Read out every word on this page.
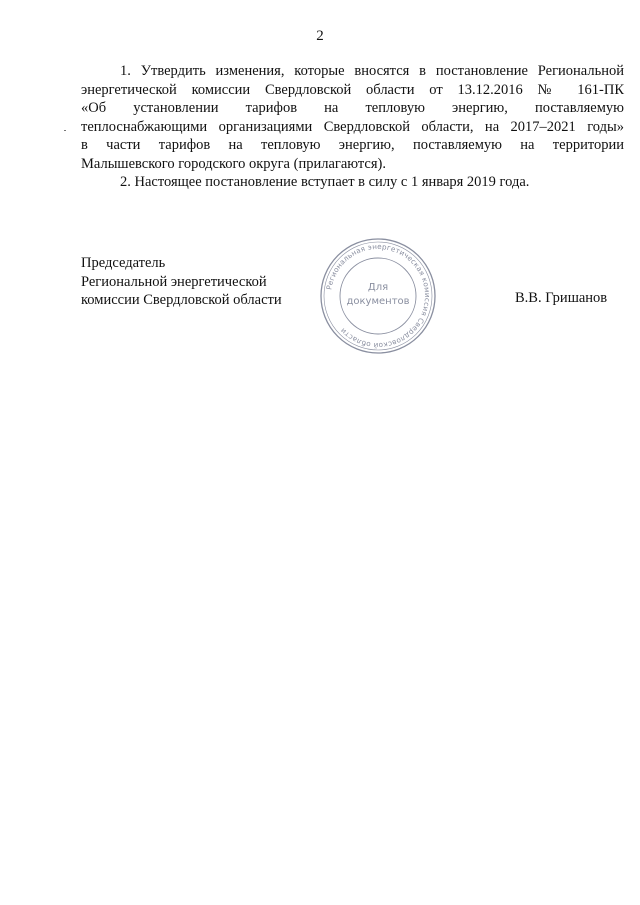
2

1. Утвердить изменения, которые вносятся в постановление Региональной

энергетической комиссии Свердловской области от 13.12.2016 № 161-ПК

«Об установлении тарифов на тепловую энергию, поставляемую

теплоснабжающими организациями Свердловской области, на 2017–2021 годы»

в части тарифов на тепловую энергию, поставляемую на территории

Малышевского городского округа (прилагаются).

2. Настоящее постановление вступает в силу с 1 января 2019 года.

Председатель
Региональной энергетической
комиссии Свердловской области
Региональная энергетическая комиссия Свердловской области
Для
документов	В.В. Гришанов
